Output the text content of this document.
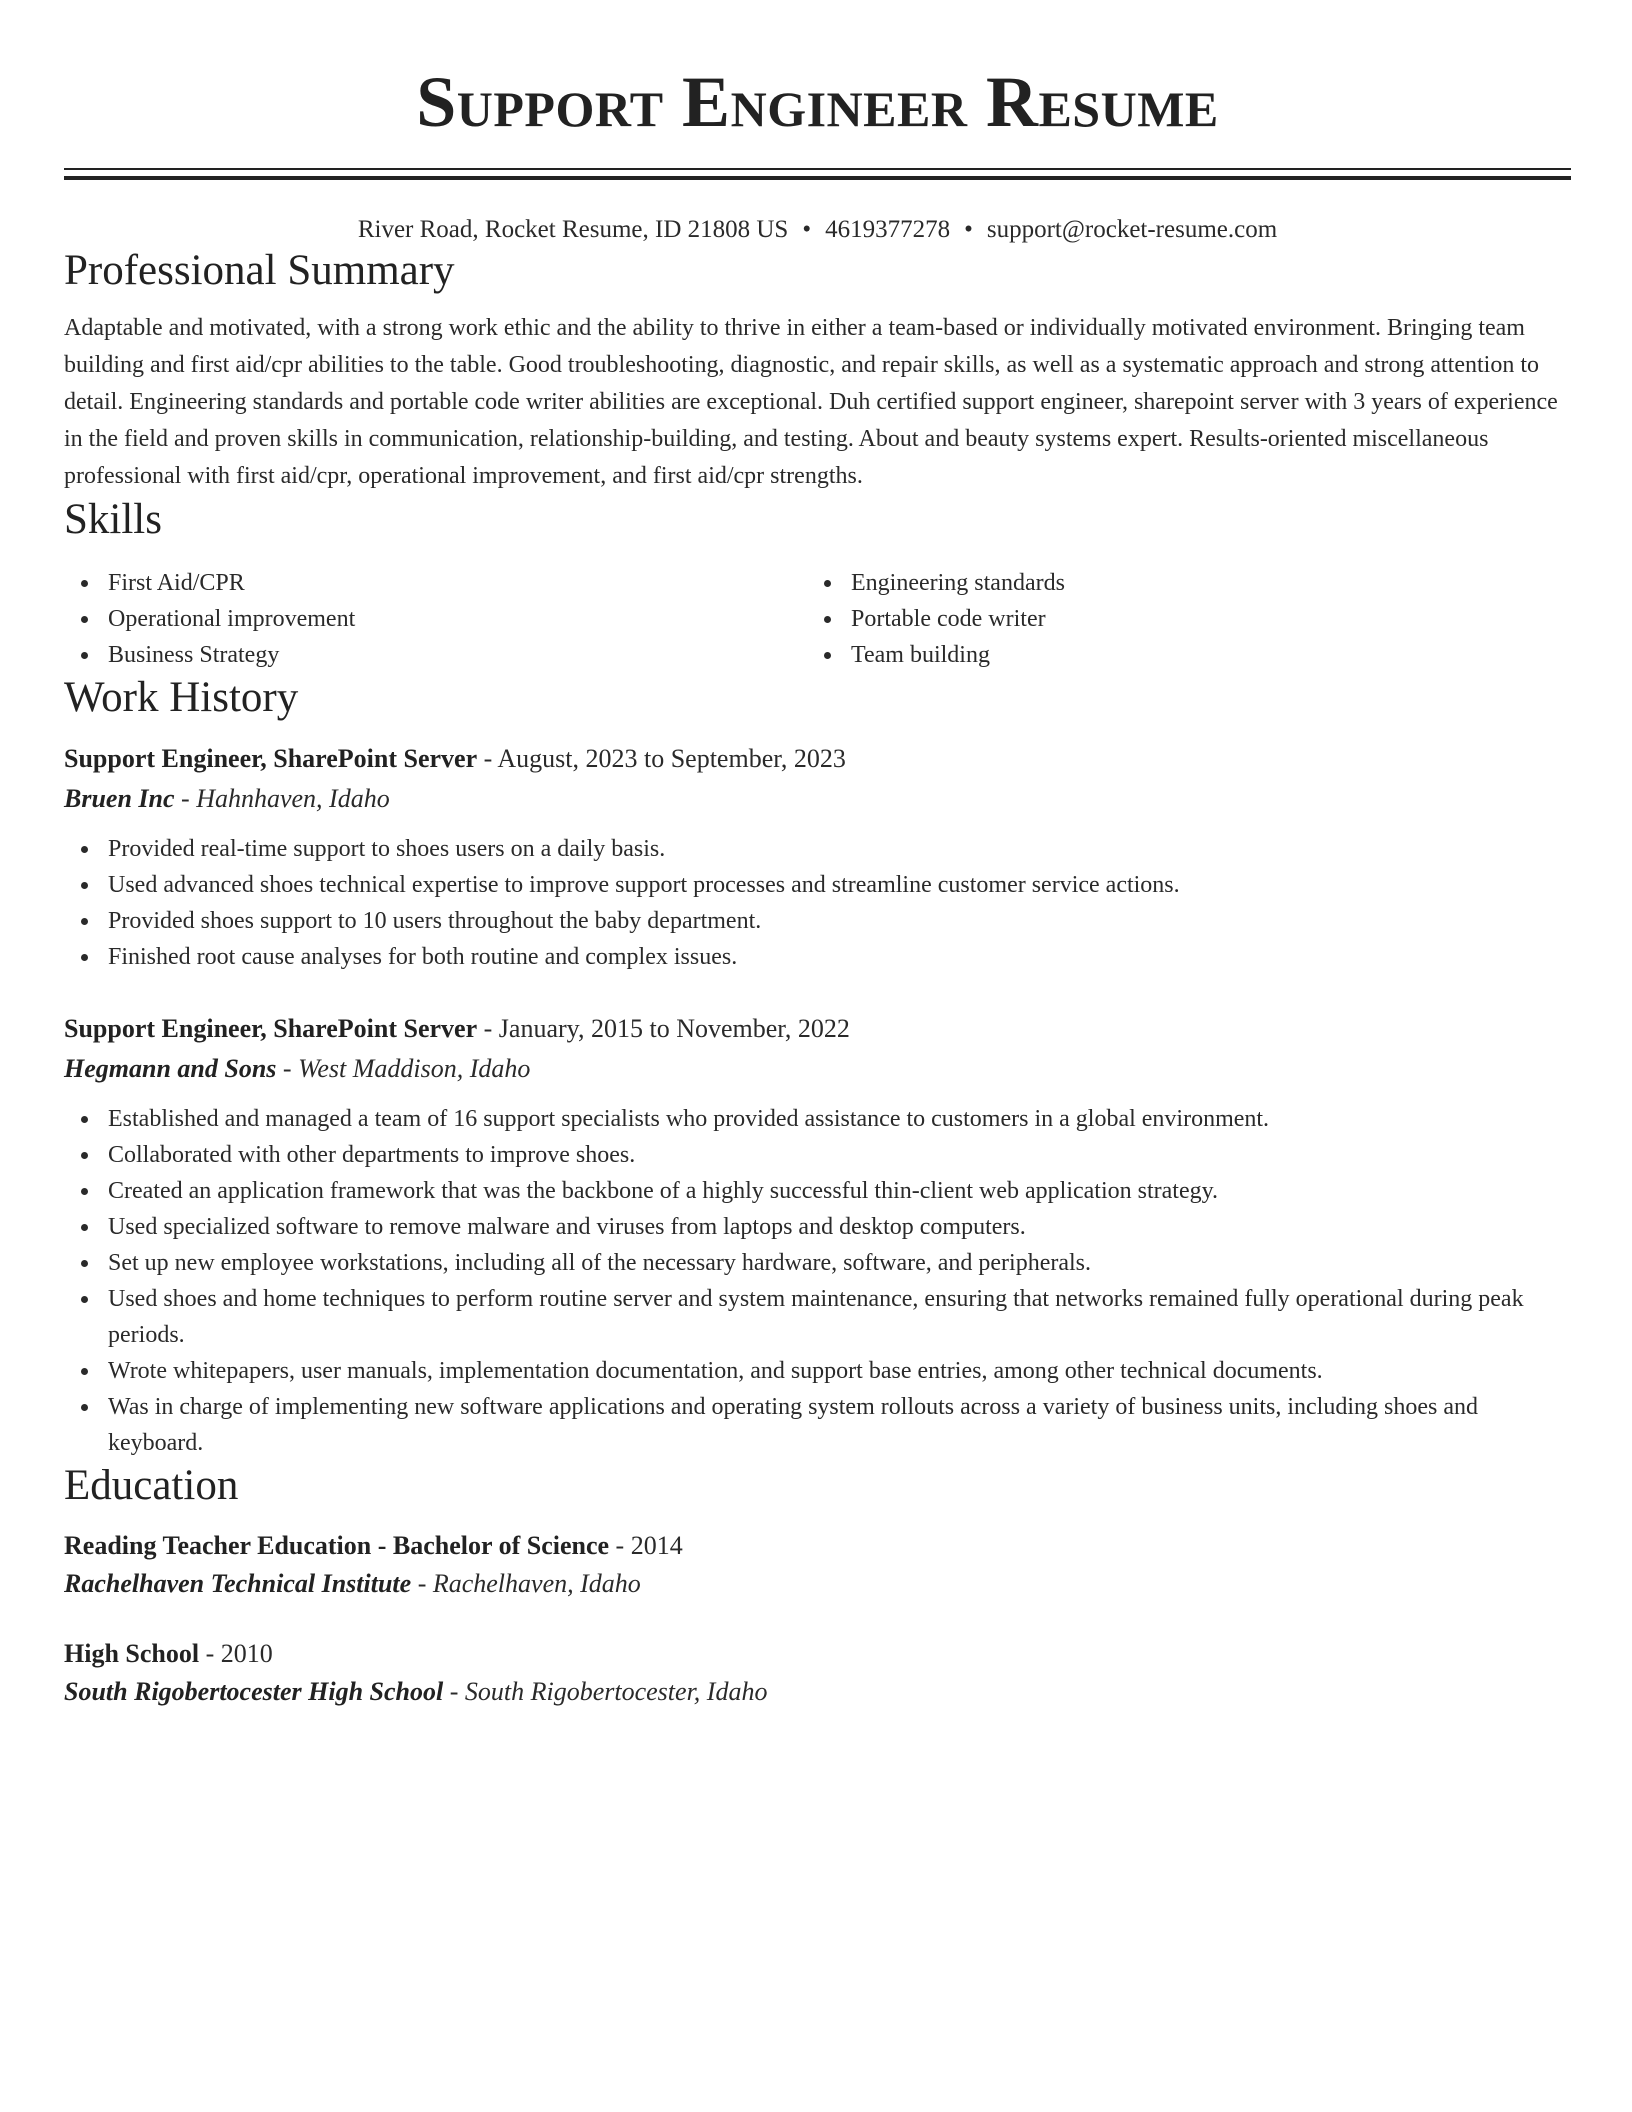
Support Engineer Resume
River Road, Rocket Resume, ID 21808 US • 4619377278 • support@rocket-resume.com
Professional Summary
Adaptable and motivated, with a strong work ethic and the ability to thrive in either a team-based or individually motivated environment. Bringing team building and first aid/cpr abilities to the table. Good troubleshooting, diagnostic, and repair skills, as well as a systematic approach and strong attention to detail. Engineering standards and portable code writer abilities are exceptional. Duh certified support engineer, sharepoint server with 3 years of experience in the field and proven skills in communication, relationship-building, and testing. About and beauty systems expert. Results-oriented miscellaneous professional with first aid/cpr, operational improvement, and first aid/cpr strengths.
Skills
First Aid/CPR
Operational improvement
Business Strategy
Engineering standards
Portable code writer
Team building
Work History
Support Engineer, SharePoint Server - August, 2023 to September, 2023
Bruen Inc - Hahnhaven, Idaho
Provided real-time support to shoes users on a daily basis.
Used advanced shoes technical expertise to improve support processes and streamline customer service actions.
Provided shoes support to 10 users throughout the baby department.
Finished root cause analyses for both routine and complex issues.
Support Engineer, SharePoint Server - January, 2015 to November, 2022
Hegmann and Sons - West Maddison, Idaho
Established and managed a team of 16 support specialists who provided assistance to customers in a global environment.
Collaborated with other departments to improve shoes.
Created an application framework that was the backbone of a highly successful thin-client web application strategy.
Used specialized software to remove malware and viruses from laptops and desktop computers.
Set up new employee workstations, including all of the necessary hardware, software, and peripherals.
Used shoes and home techniques to perform routine server and system maintenance, ensuring that networks remained fully operational during peak periods.
Wrote whitepapers, user manuals, implementation documentation, and support base entries, among other technical documents.
Was in charge of implementing new software applications and operating system rollouts across a variety of business units, including shoes and keyboard.
Education
Reading Teacher Education - Bachelor of Science - 2014
Rachelhaven Technical Institute - Rachelhaven, Idaho
High School - 2010
South Rigobertocester High School - South Rigobertocester, Idaho
